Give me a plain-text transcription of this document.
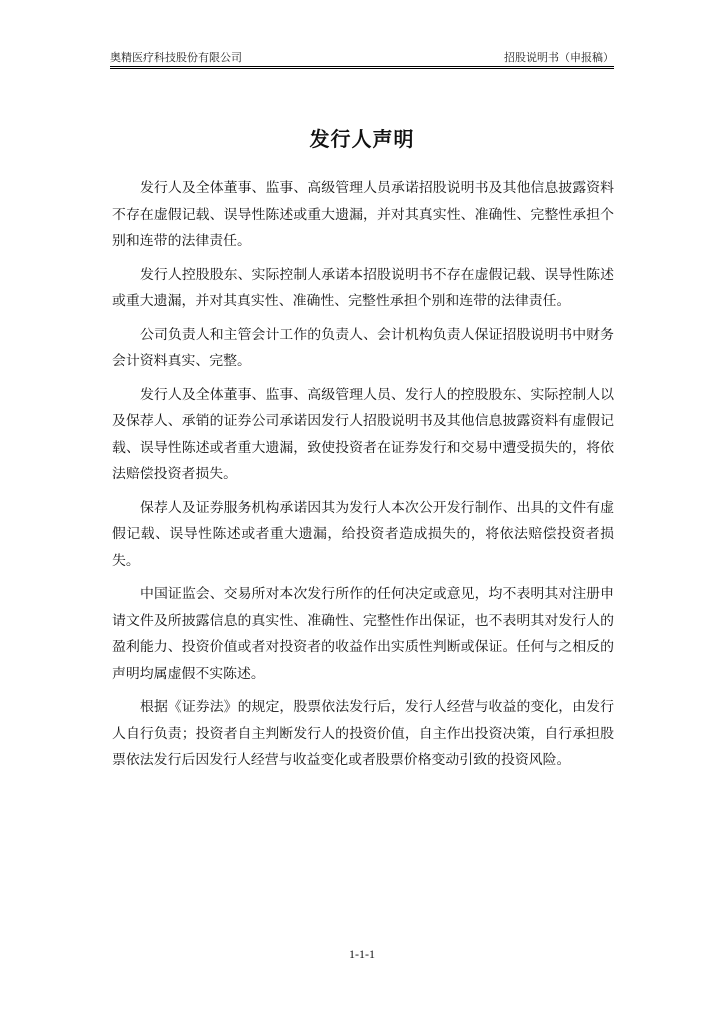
奥精医疗科技股份有限公司	招股说明书（申报稿）
发行人声明

发行人及全体董事、监事、高级管理人员承诺招股说明书及其他信息披露资料不存在虚假记载、误导性陈述或重大遗漏，并对其真实性、准确性、完整性承担个别和连带的法律责任。

发行人控股股东、实际控制人承诺本招股说明书不存在虚假记载、误导性陈述或重大遗漏，并对其真实性、准确性、完整性承担个别和连带的法律责任。

公司负责人和主管会计工作的负责人、会计机构负责人保证招股说明书中财务会计资料真实、完整。

发行人及全体董事、监事、高级管理人员、发行人的控股股东、实际控制人以及保荐人、承销的证券公司承诺因发行人招股说明书及其他信息披露资料有虚假记载、误导性陈述或者重大遗漏，致使投资者在证券发行和交易中遭受损失的，将依法赔偿投资者损失。

保荐人及证券服务机构承诺因其为发行人本次公开发行制作、出具的文件有虚假记载、误导性陈述或者重大遗漏，给投资者造成损失的，将依法赔偿投资者损失。

中国证监会、交易所对本次发行所作的任何决定或意见，均不表明其对注册申请文件及所披露信息的真实性、准确性、完整性作出保证，也不表明其对发行人的盈利能力、投资价值或者对投资者的收益作出实质性判断或保证。任何与之相反的声明均属虚假不实陈述。

根据《证券法》的规定，股票依法发行后，发行人经营与收益的变化，由发行人自行负责；投资者自主判断发行人的投资价值，自主作出投资决策，自行承担股票依法发行后因发行人经营与收益变化或者股票价格变动引致的投资风险。

1-1-1
